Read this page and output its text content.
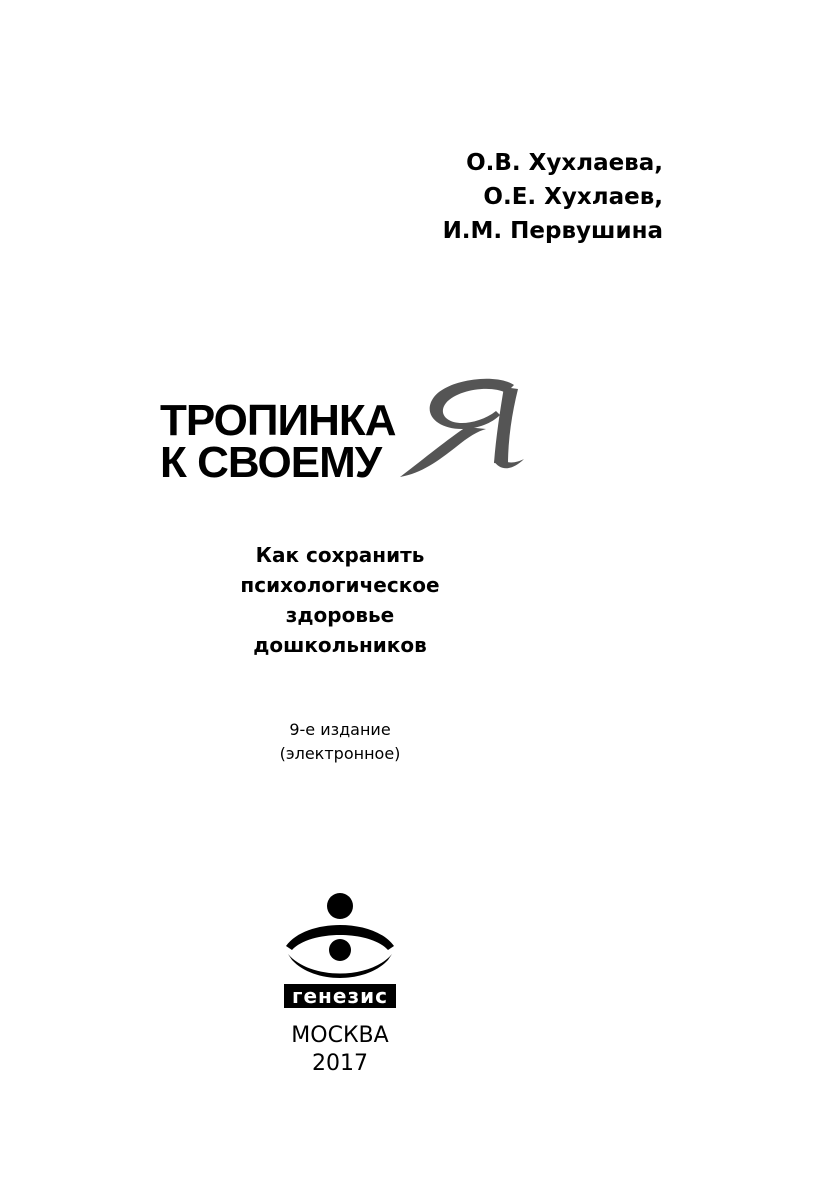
О.В. Хухлаева,
О.Е. Хухлаев,
И.М. Первушина
ТРОПИНКА
К СВОЕМУ
Как сохранить
психологическое
здоровье
дошкольников
9-е издание
(электронное)
генезис
МОСКВА
2017
